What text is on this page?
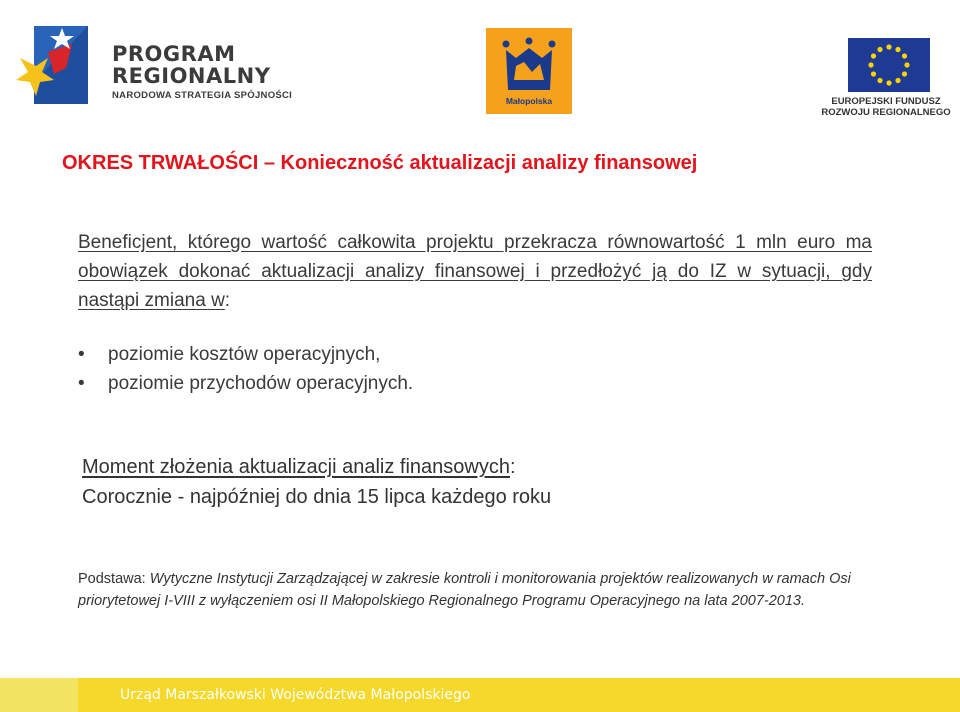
PROGRAM
REGIONALNY
NARODOWA STRATEGIA SPÓJNOŚCI	Małopolska	EUROPEJSKI FUNDUSZ
ROZWOJU REGIONALNEGO
OKRES TRWAŁOŚCI – Konieczność aktualizacji analizy finansowej
Beneficjent, którego wartość całkowita projektu przekracza równowartość 1 mln euro ma obowiązek dokonać aktualizacji analizy finansowej i przedłożyć ją do IZ w sytuacji, gdy nastąpi zmiana w:
• poziomie kosztów operacyjnych,
• poziomie przychodów operacyjnych.
Moment złożenia aktualizacji analiz finansowych:
Corocznie - najpóźniej do dnia 15 lipca każdego roku
Podstawa: Wytyczne Instytucji Zarządzającej w zakresie kontroli i monitorowania projektów realizowanych w ramach Osi priorytetowej I-VIII z wyłączeniem osi II Małopolskiego Regionalnego Programu Operacyjnego na lata 2007-2013.
Urząd Marszałkowski Województwa Małopolskiego
